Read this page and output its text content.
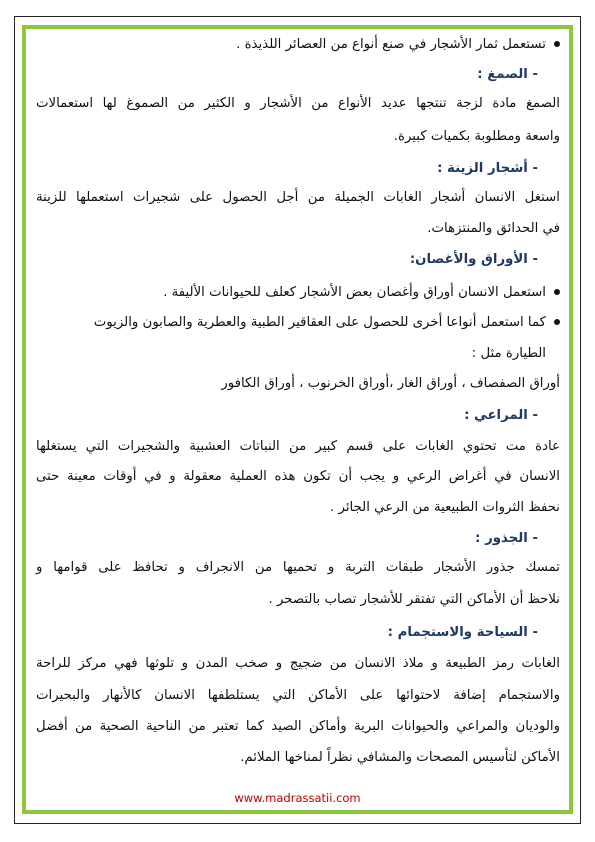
تستعمل ثمار الأشجار في صنع أنواع من العصائر اللذيذة .
- الصمغ :
الصمغ مادة لزجة تنتجها عديد الأنواع من الأشجار و الكثير من الصموغ لها استعمالات
واسعة ومطلوبة بكميات كبيرة.
- أشجار الزينة :
استغل الانسان أشجار الغابات الجميلة من أجل الحصول على شجيرات استعملها للزينة
في الحدائق والمنتزهات.
- الأوراق والأغصان:
استعمل الانسان أوراق وأغصان بعض الأشجار كعلف للحيوانات الأليفة .
كما استعمل أنواعا أخرى للحصول على العقاقير الطبية والعطرية والصابون والزيوت
الطيارة مثل :
أوراق الصفصاف ، أوراق الغار ،أوراق الخرنوب ، أوراق الكافور
- المراعي :
عادة مت تحتوي الغابات على قسم كبير من النباتات العشبية والشجيرات التي يستغلها
الانسان في أغراض الرعي و يجب أن تكون هذه العملية معقولة و في أوقات معينة حتى
نحفظ الثروات الطبيعية من الرعي الجائر .
- الجذور :
تمسك جذور الأشجار طبقات التربة و تحميها من الانجراف و تحافظ على قوامها و
نلاحظ أن الأماكن التي تفتقر للأشجار تصاب بالتصحر .
- السياحة والاستجمام :
الغابات رمز الطبيعة و ملاذ الانسان من ضجيج و صخب المدن و تلوثها فهي مركز للراحة
والاستجمام إضافة لاحتوائها على الأماكن التي يستلطفها الانسان كالأنهار والبحيرات
والوديان والمراعي والحيوانات البرية وأماكن الصيد كما تعتبر من الناحية الصحية من أفضل
الأماكن لتأسيس المصحات والمشافي نظراً لمناخها الملائم.
www.madrassatii.com
